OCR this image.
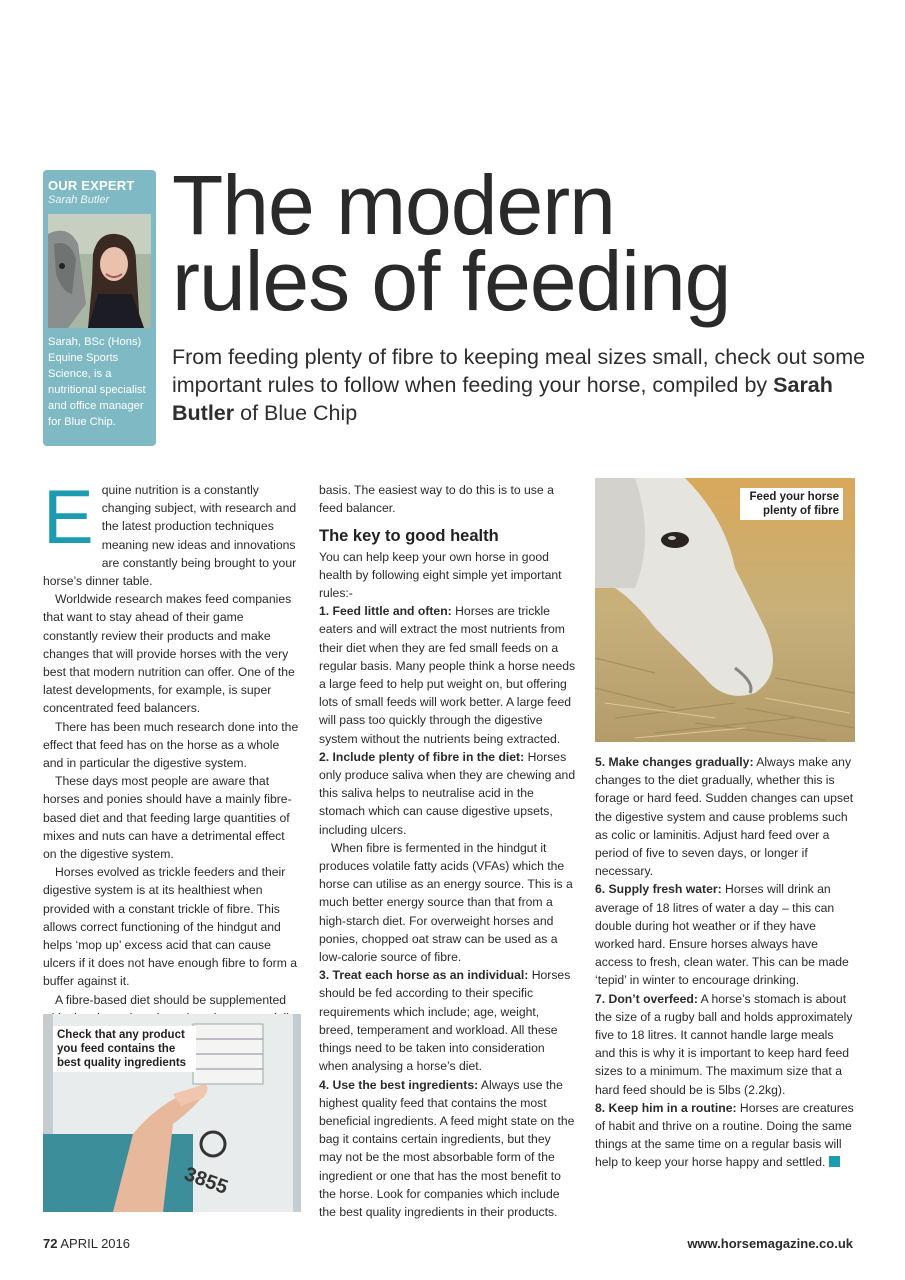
OUR EXPERT
Sarah Butler
Sarah, BSc (Hons) Equine Sports Science, is a nutritional specialist and office manager for Blue Chip.
The modern
rules of feeding
From feeding plenty of fibre to keeping meal sizes small, check out some important rules to follow when feeding your horse, compiled by Sarah Butler of Blue Chip

Equine nutrition is a constantly changing subject, with research and the latest production techniques meaning new ideas and innovations are constantly being brought to your horse’s dinner table.

Worldwide research makes feed companies that want to stay ahead of their game constantly review their products and make changes that will provide horses with the very best that modern nutrition can offer. One of the latest developments, for example, is super concentrated feed balancers.

There has been much research done into the effect that feed has on the horse as a whole and in particular the digestive system.

These days most people are aware that horses and ponies should have a mainly fibre-based diet and that feeding large quantities of mixes and nuts can have a detrimental effect on the digestive system.

Horses evolved as trickle feeders and their digestive system is at its healthiest when provided with a constant trickle of fibre. This allows correct functioning of the hindgut and helps ‘mop up’ excess acid that can cause ulcers if it does not have enough fibre to form a buffer against it.

A fibre-based diet should be supplemented

3855
Check that any product you feed contains the best quality ingredients

basis. The easiest way to do this is to use a feed balancer.

The key to good health

You can help keep your own horse in good health by following eight simple yet important rules:-

1. Feed little and often: Horses are trickle eaters and will extract the most nutrients from their diet when they are fed small feeds on a regular basis. Many people think a horse needs a large feed to help put weight on, but offering lots of small feeds will work better. A large feed will pass too quickly through the digestive system without the nutrients being extracted.

2. Include plenty of fibre in the diet: Horses only produce saliva when they are chewing and this saliva helps to neutralise acid in the stomach which can cause digestive upsets, including ulcers.

When fibre is fermented in the hindgut it produces volatile fatty acids (VFAs) which the horse can utilise as an energy source. This is a much better energy source than that from a high-starch diet. For overweight horses and ponies, chopped oat straw can be used as a low-calorie source of fibre.

3. Treat each horse as an individual: Horses should be fed according to their specific requirements which include; age, weight, breed, temperament and workload. All these things need to be taken into consideration when analysing a horse’s diet.

4. Use the best ingredients: Always use the highest quality feed that contains the most beneficial ingredients. A feed might state on the bag it contains certain ingredients, but they may not be the most absorbable form of the ingredient or one that has the most benefit to the horse. Look for companies which include the best quality ingredients in their products.

Feed your horse plenty of fibre

5. Make changes gradually: Always make any changes to the diet gradually, whether this is forage or hard feed. Sudden changes can upset the digestive system and cause problems such as colic or laminitis. Adjust hard feed over a period of five to seven days, or longer if necessary.

6. Supply fresh water: Horses will drink an average of 18 litres of water a day – this can double during hot weather or if they have worked hard. Ensure horses always have access to fresh, clean water. This can be made ‘tepid’ in winter to encourage drinking.

7. Don’t overfeed: A horse’s stomach is about the size of a rugby ball and holds approximately five to 18 litres. It cannot handle large meals and this is why it is important to keep hard feed sizes to a minimum. The maximum size that a hard feed should be is 5lbs (2.2kg).

8. Keep him in a routine: Horses are creatures of habit and thrive on a routine. Doing the same things at the same time on a regular basis will help to keep your horse happy and settled.

72 APRIL 2016	www.horsemagazine.co.uk
